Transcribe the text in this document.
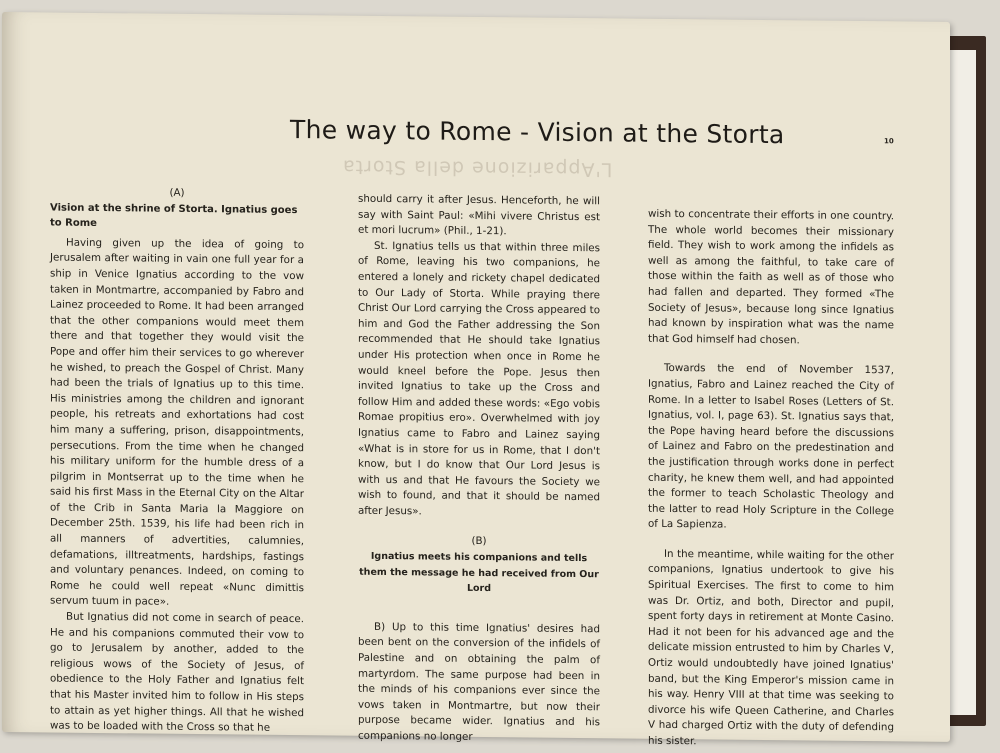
L'Apparizione della Storta
The way to Rome - Vision at the Storta	10

(A)

Vision at the shrine of Storta. Ignatius goes to Rome

Having given up the idea of going to Jerusalem after waiting in vain one full year for a ship in Venice Ignatius according to the vow taken in Montmartre, accompanied by Fabro and Lainez proceeded to Rome. It had been arranged that the other companions would meet them there and that together they would visit the Pope and offer him their services to go wherever he wished, to preach the Gospel of Christ. Many had been the trials of Ignatius up to this time. His ministries among the children and ignorant people, his retreats and exhortations had cost him many a suffering, prison, disappointments, persecutions. From the time when he changed his military uniform for the humble dress of a pilgrim in Montserrat up to the time when he said his first Mass in the Eternal City on the Altar of the Crib in Santa Maria la Maggiore on December 25th. 1539, his life had been rich in all manners of advertities, calumnies, defamations, illtreatments, hardships, fastings and voluntary penances. Indeed, on coming to Rome he could well repeat «Nunc dimittis servum tuum in pace».

But Ignatius did not come in search of peace. He and his companions commuted their vow to go to Jerusalem by another, added to the religious wows of the Society of Jesus, of obedience to the Holy Father and Ignatius felt that his Master invited him to follow in His steps to attain as yet higher things. All that he wished was to be loaded with the Cross so that he

should carry it after Jesus. Henceforth, he will say with Saint Paul: «Mihi vivere Christus est et mori lucrum» (Phil., 1-21).

St. Ignatius tells us that within three miles of Rome, leaving his two companions, he entered a lonely and rickety chapel dedicated to Our Lady of Storta. While praying there Christ Our Lord carrying the Cross appeared to him and God the Father addressing the Son recommended that He should take Ignatius under His protection when once in Rome he would kneel before the Pope. Jesus then invited Ignatius to take up the Cross and follow Him and added these words: «Ego vobis Romae propitius ero». Overwhelmed with joy Ignatius came to Fabro and Lainez saying «What is in store for us in Rome, that I don't know, but I do know that Our Lord Jesus is with us and that He favours the Society we wish to found, and that it should be named after Jesus».

(B)

Ignatius meets his companions and tells them the message he had received from Our Lord

B) Up to this time Ignatius' desires had been bent on the conversion of the infidels of Palestine and on obtaining the palm of martyrdom. The same purpose had been in the minds of his companions ever since the vows taken in Montmartre, but now their purpose became wider. Ignatius and his companions no longer

wish to concentrate their efforts in one country. The whole world becomes their missionary field. They wish to work among the infidels as well as among the faithful, to take care of those within the faith as well as of those who had fallen and departed. They formed «The Society of Jesus», because long since Ignatius had known by inspiration what was the name that God himself had chosen.

Towards the end of November 1537, Ignatius, Fabro and Lainez reached the City of Rome. In a letter to Isabel Roses (Letters of St. Ignatius, vol. I, page 63). St. Ignatius says that, the Pope having heard before the discussions of Lainez and Fabro on the predestination and the justification through works done in perfect charity, he knew them well, and had appointed the former to teach Scholastic Theology and the latter to read Holy Scripture in the College of La Sapienza.

In the meantime, while waiting for the other companions, Ignatius undertook to give his Spiritual Exercises. The first to come to him was Dr. Ortiz, and both, Director and pupil, spent forty days in retirement at Monte Casino. Had it not been for his advanced age and the delicate mission entrusted to him by Charles V, Ortiz would undoubtedly have joined Ignatius' band, but the King Emperor's mission came in his way. Henry VIII at that time was seeking to divorce his wife Queen Catherine, and Charles V had charged Ortiz with the duty of defending his sister.
